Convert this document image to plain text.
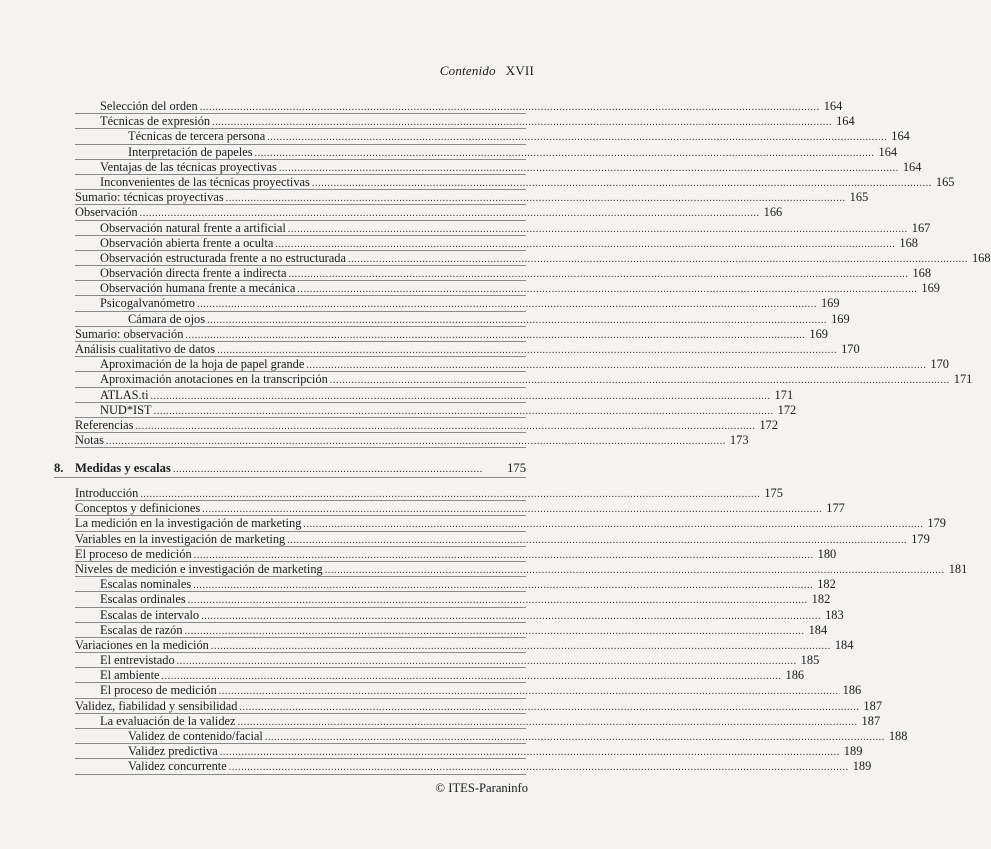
Contenido XVII
Selección del orden ........................................................................................................................................................................................................ 164
Técnicas de expresión ........................................................................................................................................................................................................ 164
Técnicas de tercera persona ........................................................................................................................................................................................................ 164
Interpretación de papeles ........................................................................................................................................................................................................ 164
Ventajas de las técnicas proyectivas ........................................................................................................................................................................................................ 164
Inconvenientes de las técnicas proyectivas ........................................................................................................................................................................................................ 165
Sumario: técnicas proyectivas ........................................................................................................................................................................................................ 165
Observación ........................................................................................................................................................................................................ 166
Observación natural frente a artificial ........................................................................................................................................................................................................ 167
Observación abierta frente a oculta ........................................................................................................................................................................................................ 168
Observación estructurada frente a no estructurada ........................................................................................................................................................................................................ 168
Observación directa frente a indirecta ........................................................................................................................................................................................................ 168
Observación humana frente a mecánica ........................................................................................................................................................................................................ 169
Psicogalvanómetro ........................................................................................................................................................................................................ 169
Cámara de ojos ........................................................................................................................................................................................................ 169
Sumario: observación ........................................................................................................................................................................................................ 169
Análisis cualitativo de datos ........................................................................................................................................................................................................ 170
Aproximación de la hoja de papel grande ........................................................................................................................................................................................................ 170
Aproximación anotaciones en la transcripción ........................................................................................................................................................................................................ 171
ATLAS.ti ........................................................................................................................................................................................................ 171
NUD*IST ........................................................................................................................................................................................................ 172
Referencias ........................................................................................................................................................................................................ 172
Notas ........................................................................................................................................................................................................ 173
8. Medidas y escalas ....................................................................................................	175
Introducción ........................................................................................................................................................................................................ 175
Conceptos y definiciones ........................................................................................................................................................................................................ 177
La medición en la investigación de marketing ........................................................................................................................................................................................................ 179
Variables en la investigación de marketing ........................................................................................................................................................................................................ 179
El proceso de medición ........................................................................................................................................................................................................ 180
Niveles de medición e investigación de marketing ........................................................................................................................................................................................................ 181
Escalas nominales ........................................................................................................................................................................................................ 182
Escalas ordinales ........................................................................................................................................................................................................ 182
Escalas de intervalo ........................................................................................................................................................................................................ 183
Escalas de razón ........................................................................................................................................................................................................ 184
Variaciones en la medición ........................................................................................................................................................................................................ 184
El entrevistado ........................................................................................................................................................................................................ 185
El ambiente ........................................................................................................................................................................................................ 186
El proceso de medición ........................................................................................................................................................................................................ 186
Validez, fiabilidad y sensibilidad ........................................................................................................................................................................................................ 187
La evaluación de la validez ........................................................................................................................................................................................................ 187
Validez de contenido/facial ........................................................................................................................................................................................................ 188
Validez predictiva ........................................................................................................................................................................................................ 189
Validez concurrente ........................................................................................................................................................................................................ 189
© ITES-Paraninfo
